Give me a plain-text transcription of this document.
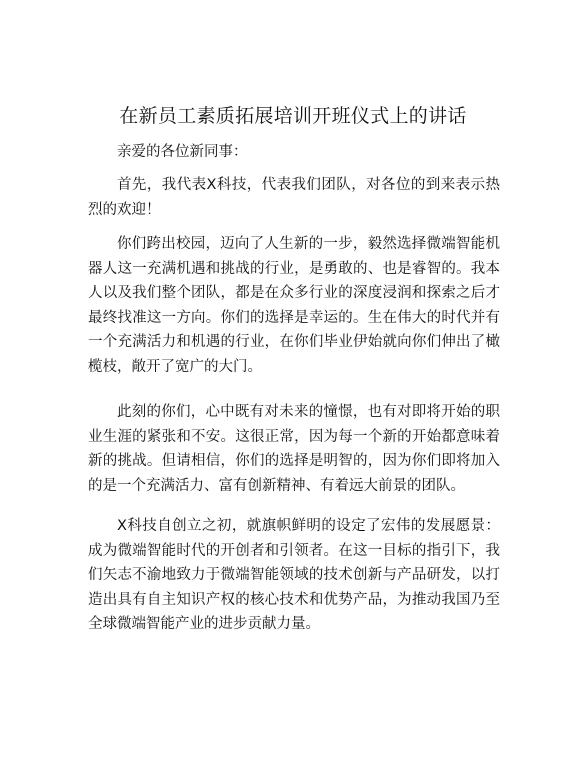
在新员工素质拓展培训开班仪式上的讲话

亲爱的各位新同事：

首先，我代表X科技，代表我们团队，对各位的到来表示热烈的欢迎！

你们跨出校园，迈向了人生新的一步，毅然选择微端智能机器人这一充满机遇和挑战的行业，是勇敢的、也是睿智的。我本人以及我们整个团队，都是在众多行业的深度浸润和探索之后才最终找准这一方向。你们的选择是幸运的。生在伟大的时代并有一个充满活力和机遇的行业，在你们毕业伊始就向你们伸出了橄榄枝，敞开了宽广的大门。

此刻的你们，心中既有对未来的憧憬，也有对即将开始的职业生涯的紧张和不安。这很正常，因为每一个新的开始都意味着新的挑战。但请相信，你们的选择是明智的，因为你们即将加入的是一个充满活力、富有创新精神、有着远大前景的团队。

X科技自创立之初，就旗帜鲜明的设定了宏伟的发展愿景：成为微端智能时代的开创者和引领者。在这一目标的指引下，我们矢志不渝地致力于微端智能领域的技术创新与产品研发，以打造出具有自主知识产权的核心技术和优势产品，为推动我国乃至全球微端智能产业的进步贡献力量。
